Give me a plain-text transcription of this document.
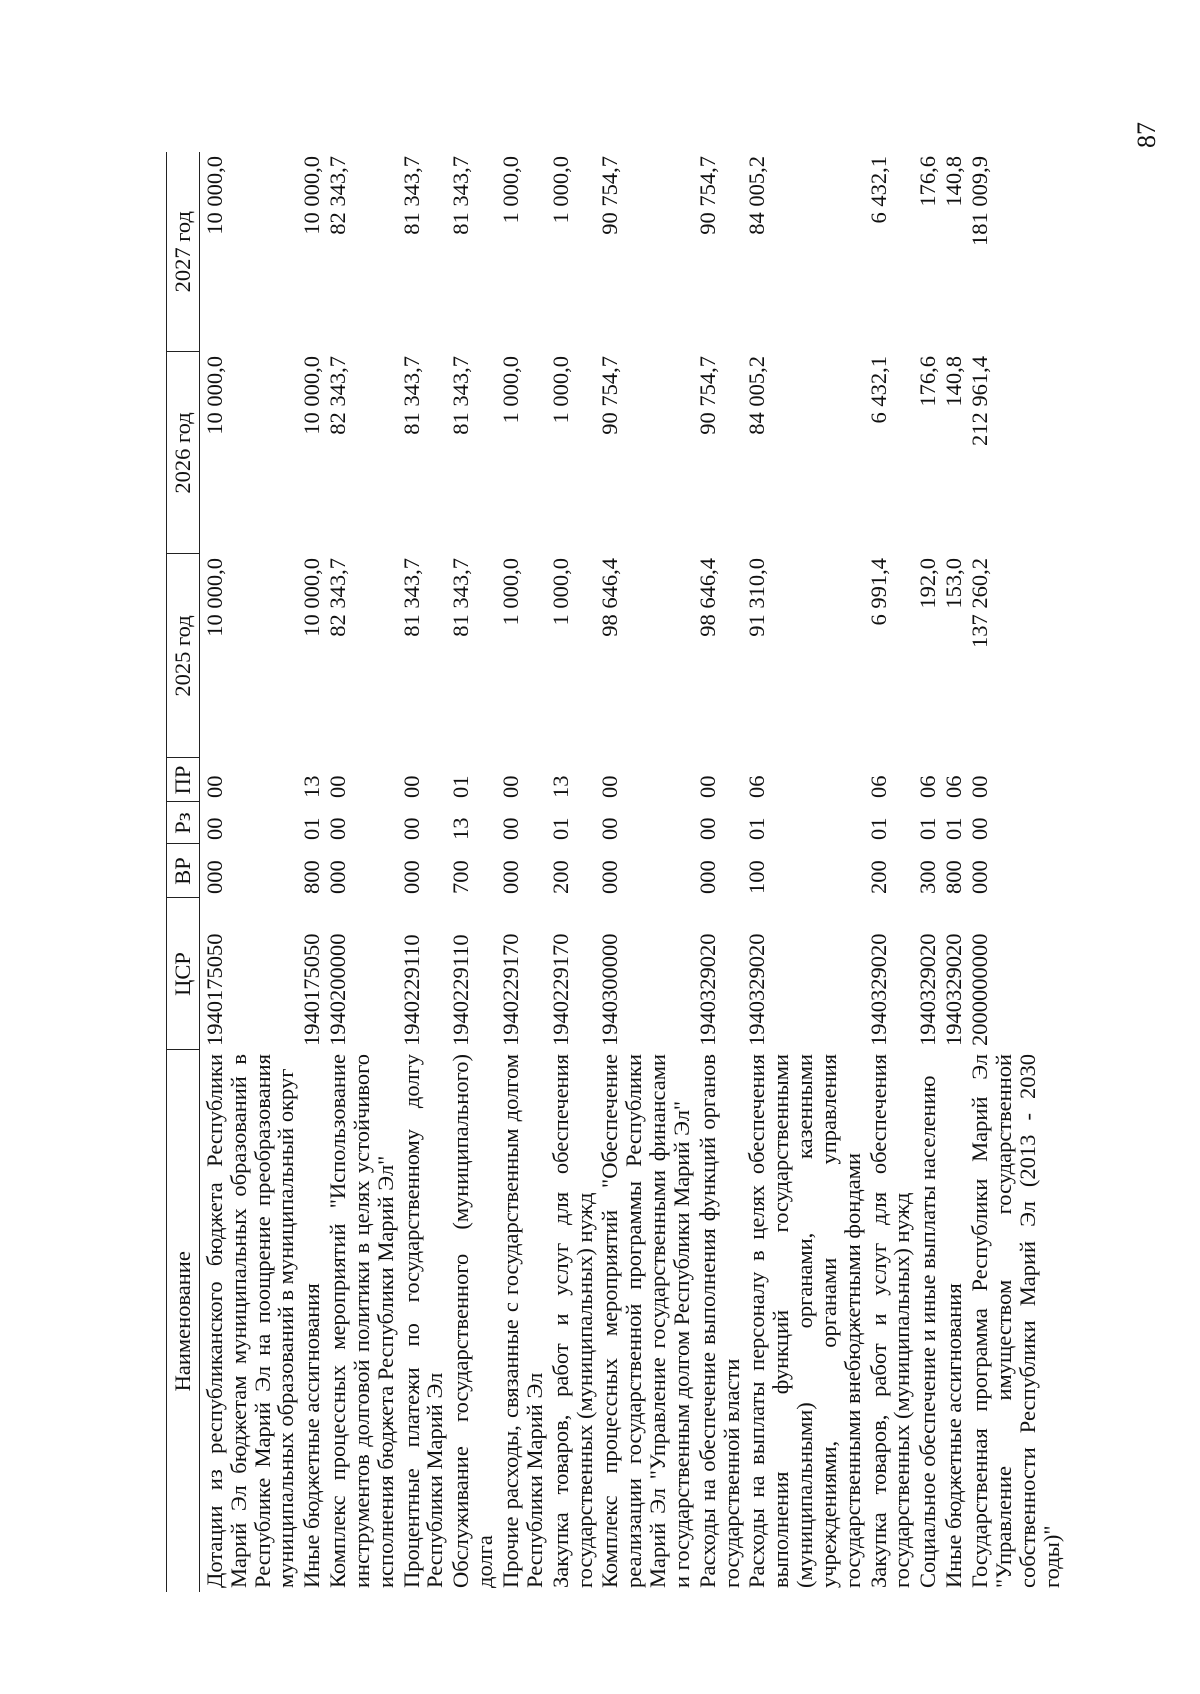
87
Наименование	ЦСР	ВР	Рз	ПР	2025 год	2026 год	2027 год
Дотации из республиканского бюджета Республики Марий Эл бюджетам муниципальных образований в Республике Марий Эл на поощрение преобразования муниципальных образований в муниципальный округ	1940175050	000	00	00	10 000,0	10 000,0	10 000,0
Иные бюджетные ассигнования	1940175050	800	01	13	10 000,0	10 000,0	10 000,0
Комплекс процессных мероприятий "Использование инструментов долговой политики в целях устойчивого исполнения бюджета Республики Марий Эл"	1940200000	000	00	00	82 343,7	82 343,7	82 343,7
Процентные платежи по государственному долгу Республики Марий Эл	1940229110	000	00	00	81 343,7	81 343,7	81 343,7
Обслуживание государственного (муниципального) долга	1940229110	700	13	01	81 343,7	81 343,7	81 343,7
Прочие расходы, связанные с государственным долгом Республики Марий Эл	1940229170	000	00	00	1 000,0	1 000,0	1 000,0
Закупка товаров, работ и услуг для обеспечения государственных (муниципальных) нужд	1940229170	200	01	13	1 000,0	1 000,0	1 000,0
Комплекс процессных мероприятий "Обеспечение реализации государственной программы Республики Марий Эл "Управление государственными финансами и государственным долгом Республики Марий Эл"	1940300000	000	00	00	98 646,4	90 754,7	90 754,7
Расходы на обеспечение выполнения функций органов государственной власти	1940329020	000	00	00	98 646,4	90 754,7	90 754,7
Расходы на выплаты персоналу в целях обеспечения выполнения функций государственными (муниципальными) органами, казенными учреждениями, органами управления государственными внебюджетными фондами	1940329020	100	01	06	91 310,0	84 005,2	84 005,2
Закупка товаров, работ и услуг для обеспечения государственных (муниципальных) нужд	1940329020	200	01	06	6 991,4	6 432,1	6 432,1
Социальное обеспечение и иные выплаты населению	1940329020	300	01	06	192,0	176,6	176,6
Иные бюджетные ассигнования	1940329020	800	01	06	153,0	140,8	140,8
Государственная программа Республики Марий Эл "Управление имуществом государственной собственности Республики Марий Эл (2013 - 2030 годы)"	2000000000	000	00	00	137 260,2	212 961,4	181 009,9
